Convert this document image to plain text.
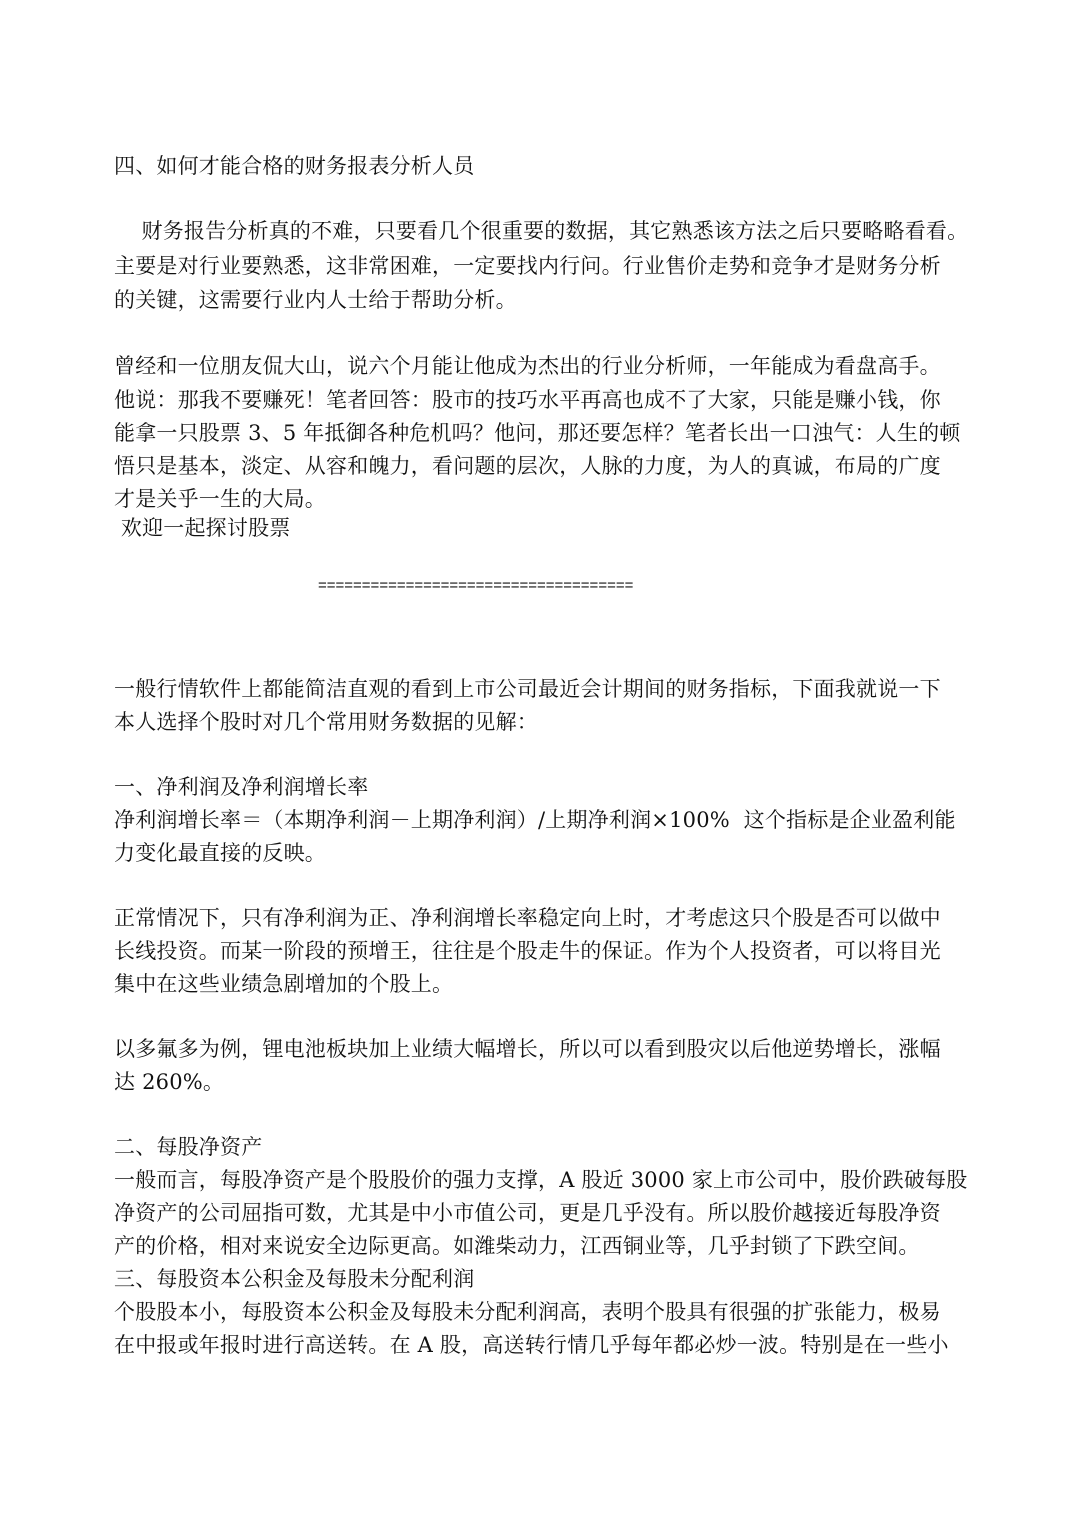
四、如何才能合格的财务报表分析人员
财务报告分析真的不难，只要看几个很重要的数据，其它熟悉该方法之后只要略略看看。
主要是对行业要熟悉，这非常困难，一定要找内行问。行业售价走势和竞争才是财务分析
的关键，这需要行业内人士给于帮助分析。
曾经和一位朋友侃大山，说六个月能让他成为杰出的行业分析师，一年能成为看盘高手。
他说：那我不要赚死！笔者回答：股市的技巧水平再高也成不了大家，只能是赚小钱，你
能拿一只股票 3、5 年抵御各种危机吗？他问，那还要怎样？笔者长出一口浊气：人生的顿
悟只是基本，淡定、从容和魄力，看问题的层次，人脉的力度，为人的真诚，布局的广度
才是关乎一生的大局。
欢迎一起探讨股票
====================================
一般行情软件上都能简洁直观的看到上市公司最近会计期间的财务指标，下面我就说一下
本人选择个股时对几个常用财务数据的见解：
一、净利润及净利润增长率
净利润增长率＝（本期净利润－上期净利润）/上期净利润×100%  这个指标是企业盈利能
力变化最直接的反映。
正常情况下，只有净利润为正、净利润增长率稳定向上时，才考虑这只个股是否可以做中
长线投资。而某一阶段的预增王，往往是个股走牛的保证。作为个人投资者，可以将目光
集中在这些业绩急剧增加的个股上。
以多氟多为例，锂电池板块加上业绩大幅增长，所以可以看到股灾以后他逆势增长，涨幅
达 260%。
二、每股净资产
一般而言，每股净资产是个股股价的强力支撑，A 股近 3000 家上市公司中，股价跌破每股
净资产的公司屈指可数，尤其是中小市值公司，更是几乎没有。所以股价越接近每股净资
产的价格，相对来说安全边际更高。如潍柴动力，江西铜业等，几乎封锁了下跌空间。
三、每股资本公积金及每股未分配利润
个股股本小，每股资本公积金及每股未分配利润高，表明个股具有很强的扩张能力，极易
在中报或年报时进行高送转。在 A 股，高送转行情几乎每年都必炒一波。特别是在一些小
